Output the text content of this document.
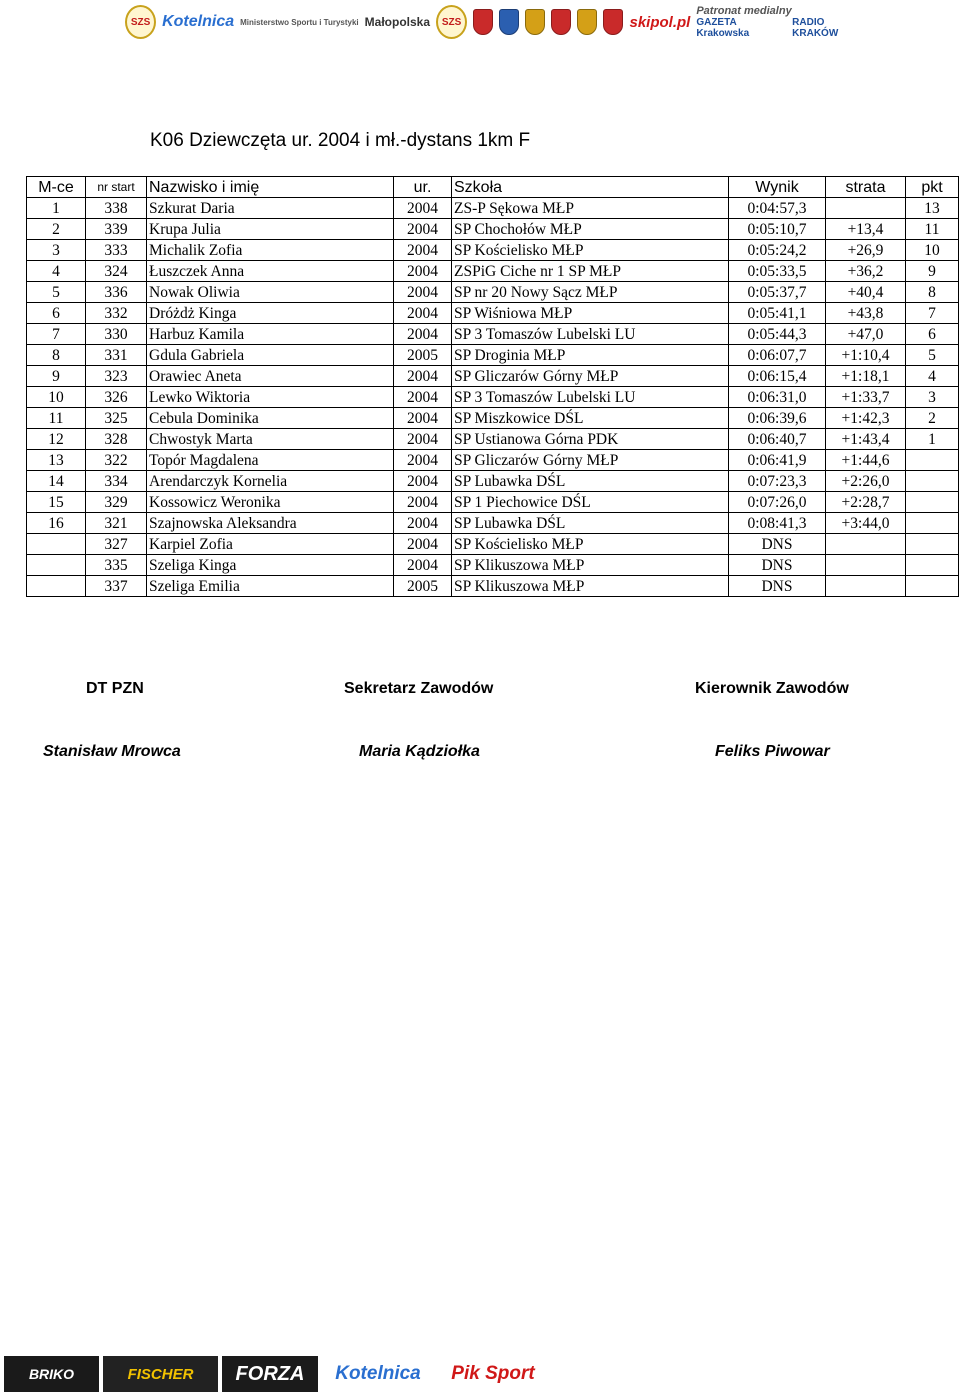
SZS Kotelnica Ministerstwo Sportu i Turystyki Małopolska	SZS	skipol.pl
Patronat medialny
GAZETA Krakowska
RADIO KRAKÓW
K06 Dziewczęta ur. 2004 i mł.-dystans 1km F
M-ce	nr start	Nazwisko i imię	ur.	Szkoła	Wynik	strata	pkt
1	338	Szkurat Daria	2004	ZS-P Sękowa MŁP	0:04:57,3		13
2	339	Krupa Julia	2004	SP Chochołów MŁP	0:05:10,7	+13,4	11
3	333	Michalik Zofia	2004	SP Kościelisko MŁP	0:05:24,2	+26,9	10
4	324	Łuszczek Anna	2004	ZSPiG Ciche nr 1 SP MŁP	0:05:33,5	+36,2	9
5	336	Nowak Oliwia	2004	SP nr 20 Nowy Sącz MŁP	0:05:37,7	+40,4	8
6	332	Dróżdż Kinga	2004	SP Wiśniowa MŁP	0:05:41,1	+43,8	7
7	330	Harbuz Kamila	2004	SP 3 Tomaszów Lubelski LU	0:05:44,3	+47,0	6
8	331	Gdula Gabriela	2005	SP Droginia MŁP	0:06:07,7	+1:10,4	5
9	323	Orawiec Aneta	2004	SP Gliczarów Górny MŁP	0:06:15,4	+1:18,1	4
10	326	Lewko Wiktoria	2004	SP 3 Tomaszów Lubelski LU	0:06:31,0	+1:33,7	3
11	325	Cebula Dominika	2004	SP Miszkowice DŚL	0:06:39,6	+1:42,3	2
12	328	Chwostyk Marta	2004	SP Ustianowa Górna PDK	0:06:40,7	+1:43,4	1
13	322	Topór Magdalena	2004	SP Gliczarów Górny MŁP	0:06:41,9	+1:44,6	
14	334	Arendarczyk Kornelia	2004	SP Lubawka DŚL	0:07:23,3	+2:26,0	
15	329	Kossowicz Weronika	2004	SP 1 Piechowice DŚL	0:07:26,0	+2:28,7	
16	321	Szajnowska Aleksandra	2004	SP Lubawka DŚL	0:08:41,3	+3:44,0	
	327	Karpiel Zofia	2004	SP Kościelisko MŁP	DNS		
	335	Szeliga Kinga	2004	SP Klikuszowa MŁP	DNS		
	337	Szeliga Emilia	2005	SP Klikuszowa MŁP	DNS		
DT PZN	Sekretarz Zawodów	Kierownik Zawodów
Stanisław Mrowca	Maria Kądziołka	Feliks Piwowar
BRIKO	FISCHER	FORZA	Kotelnica	Pik Sport
